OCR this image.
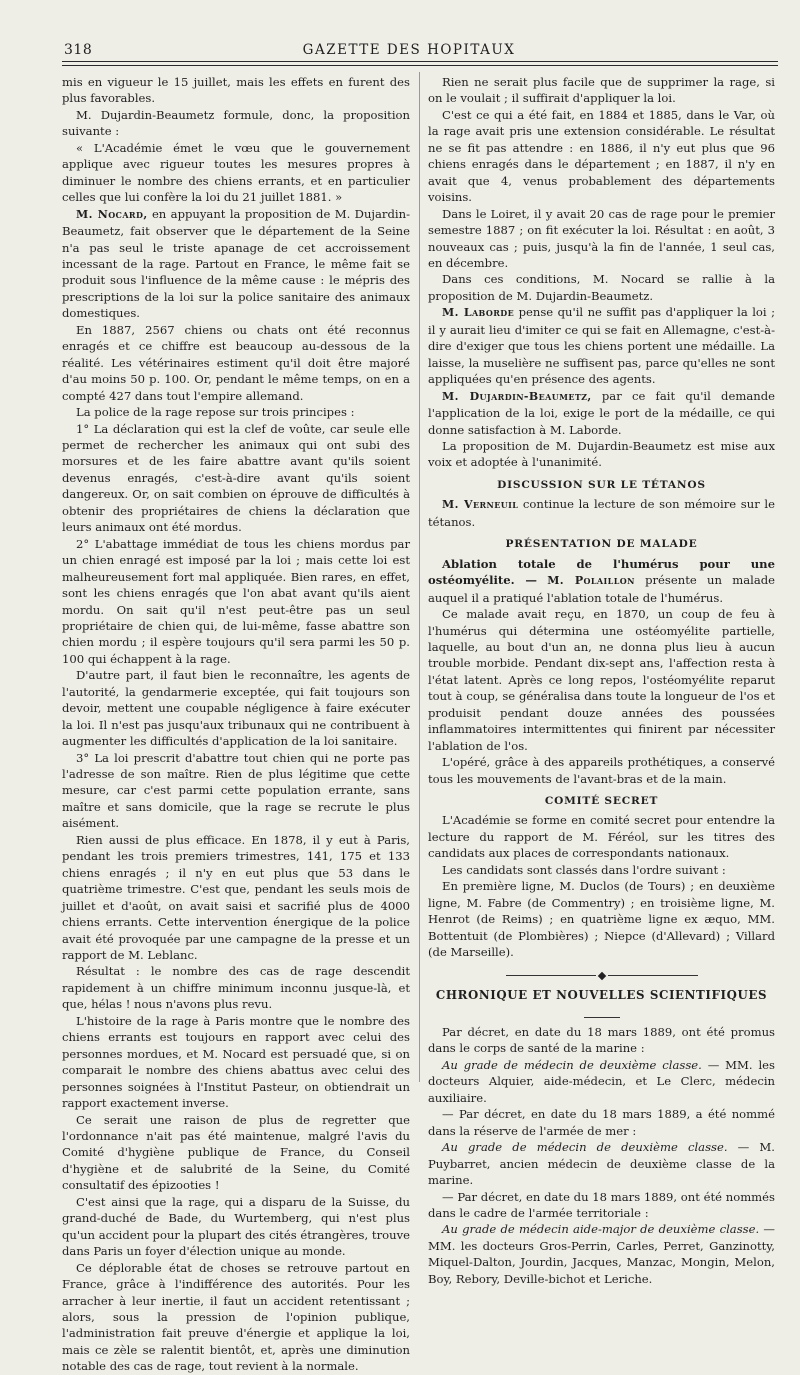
318	GAZETTE DES HOPITAUX

mis en vigueur le 15 juillet, mais les effets en furent des plus favorables.

M. Dujardin-Beaumetz formule, donc, la proposition suivante :

« L'Académie émet le vœu que le gouvernement applique avec rigueur toutes les mesures propres à diminuer le nombre des chiens errants, et en particulier celles que lui confère la loi du 21 juillet 1881. »

M. Nocard, en appuyant la proposition de M. Dujardin-Beaumetz, fait observer que le département de la Seine n'a pas seul le triste apanage de cet accroissement incessant de la rage. Partout en France, le même fait se produit sous l'influence de la même cause : le mépris des prescriptions de la loi sur la police sanitaire des animaux domestiques.

En 1887, 2567 chiens ou chats ont été reconnus enragés et ce chiffre est beaucoup au-dessous de la réalité. Les vétérinaires estiment qu'il doit être majoré d'au moins 50 p. 100. Or, pendant le même temps, on en a compté 427 dans tout l'empire allemand.

La police de la rage repose sur trois principes :

1° La déclaration qui est la clef de voûte, car seule elle permet de rechercher les animaux qui ont subi des morsures et de les faire abattre avant qu'ils soient devenus enragés, c'est-à-dire avant qu'ils soient dangereux. Or, on sait combien on éprouve de difficultés à obtenir des propriétaires de chiens la déclaration que leurs animaux ont été mordus.

2° L'abattage immédiat de tous les chiens mordus par un chien enragé est imposé par la loi ; mais cette loi est malheureusement fort mal appliquée. Bien rares, en effet, sont les chiens enragés que l'on abat avant qu'ils aient mordu. On sait qu'il n'est peut-être pas un seul propriétaire de chien qui, de lui-même, fasse abattre son chien mordu ; il espère toujours qu'il sera parmi les 50 p. 100 qui échappent à la rage.

D'autre part, il faut bien le reconnaître, les agents de l'autorité, la gendarmerie exceptée, qui fait toujours son devoir, mettent une coupable négligence à faire exécuter la loi. Il n'est pas jusqu'aux tribunaux qui ne contribuent à augmenter les difficultés d'application de la loi sanitaire.

3° La loi prescrit d'abattre tout chien qui ne porte pas l'adresse de son maître. Rien de plus légitime que cette mesure, car c'est parmi cette population errante, sans maître et sans domicile, que la rage se recrute le plus aisément.

Rien aussi de plus efficace. En 1878, il y eut à Paris, pendant les trois premiers trimestres, 141, 175 et 133 chiens enragés ; il n'y en eut plus que 53 dans le quatrième trimestre. C'est que, pendant les seuls mois de juillet et d'août, on avait saisi et sacrifié plus de 4000 chiens errants. Cette intervention énergique de la police avait été provoquée par une campagne de la presse et un rapport de M. Leblanc.

Résultat : le nombre des cas de rage descendit rapidement à un chiffre minimum inconnu jusque-là, et que, hélas ! nous n'avons plus revu.

L'histoire de la rage à Paris montre que le nombre des chiens errants est toujours en rapport avec celui des personnes mordues, et M. Nocard est persuadé que, si on comparait le nombre des chiens abattus avec celui des personnes soignées à l'Institut Pasteur, on obtiendrait un rapport exactement inverse.

Ce serait une raison de plus de regretter que l'ordonnance n'ait pas été maintenue, malgré l'avis du Comité d'hygiène publique de France, du Conseil d'hygiène et de salubrité de la Seine, du Comité consultatif des épizooties !

C'est ainsi que la rage, qui a disparu de la Suisse, du grand-duché de Bade, du Wurtemberg, qui n'est plus qu'un accident pour la plupart des cités étrangères, trouve dans Paris un foyer d'élection unique au monde.

Ce déplorable état de choses se retrouve partout en France, grâce à l'indifférence des autorités. Pour les arracher à leur inertie, il faut un accident retentissant ; alors, sous la pression de l'opinion publique, l'administration fait preuve d'énergie et applique la loi, mais ce zèle se ralentit bientôt, et, après une diminution notable des cas de rage, tout revient à la normale.

Rien ne serait plus facile que de supprimer la rage, si on le voulait ; il suffirait d'appliquer la loi.

C'est ce qui a été fait, en 1884 et 1885, dans le Var, où la rage avait pris une extension considérable. Le résultat ne se fit pas attendre : en 1886, il n'y eut plus que 96 chiens enragés dans le département ; en 1887, il n'y en avait que 4, venus probablement des départements voisins.

Dans le Loiret, il y avait 20 cas de rage pour le premier semestre 1887 ; on fit exécuter la loi. Résultat : en août, 3 nouveaux cas ; puis, jusqu'à la fin de l'année, 1 seul cas, en décembre.

Dans ces conditions, M. Nocard se rallie à la proposition de M. Dujardin-Beaumetz.

M. Laborde pense qu'il ne suffit pas d'appliquer la loi ; il y aurait lieu d'imiter ce qui se fait en Allemagne, c'est-à-dire d'exiger que tous les chiens portent une médaille. La laisse, la muselière ne suffisent pas, parce qu'elles ne sont appliquées qu'en présence des agents.

M. Dujardin-Beaumetz, par ce fait qu'il demande l'application de la loi, exige le port de la médaille, ce qui donne satisfaction à M. Laborde.

La proposition de M. Dujardin-Beaumetz est mise aux voix et adoptée à l'unanimité.

DISCUSSION SUR LE TÉTANOS

M. Verneuil continue la lecture de son mémoire sur le tétanos.

PRÉSENTATION DE MALADE

Ablation totale de l'humérus pour une ostéomyélite. — M. Polaillon présente un malade auquel il a pratiqué l'ablation totale de l'humérus.

Ce malade avait reçu, en 1870, un coup de feu à l'humérus qui détermina une ostéomyélite partielle, laquelle, au bout d'un an, ne donna plus lieu à aucun trouble morbide. Pendant dix-sept ans, l'affection resta à l'état latent. Après ce long repos, l'ostéomyélite reparut tout à coup, se généralisa dans toute la longueur de l'os et produisit pendant douze années des poussées inflammatoires intermittentes qui finirent par nécessiter l'ablation de l'os.

L'opéré, grâce à des appareils prothétiques, a conservé tous les mouvements de l'avant-bras et de la main.

COMITÉ SECRET

L'Académie se forme en comité secret pour entendre la lecture du rapport de M. Féréol, sur les titres des candidats aux places de correspondants nationaux.

Les candidats sont classés dans l'ordre suivant :

En première ligne, M. Duclos (de Tours) ; en deuxième ligne, M. Fabre (de Commentry) ; en troisième ligne, M. Henrot (de Reims) ; en quatrième ligne ex æquo, MM. Bottentuit (de Plombières) ; Niepce (d'Allevard) ; Villard (de Marseille).

CHRONIQUE ET NOUVELLES SCIENTIFIQUES

Par décret, en date du 18 mars 1889, ont été promus dans le corps de santé de la marine :

Au grade de médecin de deuxième classe. — MM. les docteurs Alquier, aide-médecin, et Le Clerc, médecin auxiliaire.

— Par décret, en date du 18 mars 1889, a été nommé dans la réserve de l'armée de mer :

Au grade de médecin de deuxième classe. — M. Puybarret, ancien médecin de deuxième classe de la marine.

— Par décret, en date du 18 mars 1889, ont été nommés dans le cadre de l'armée territoriale :

Au grade de médecin aide-major de deuxième classe. — MM. les docteurs Gros-Perrin, Carles, Perret, Ganzinotty, Miquel-Dalton, Jourdin, Jacques, Manzac, Mongin, Melon, Boy, Rebory, Deville-bichot et Leriche.
